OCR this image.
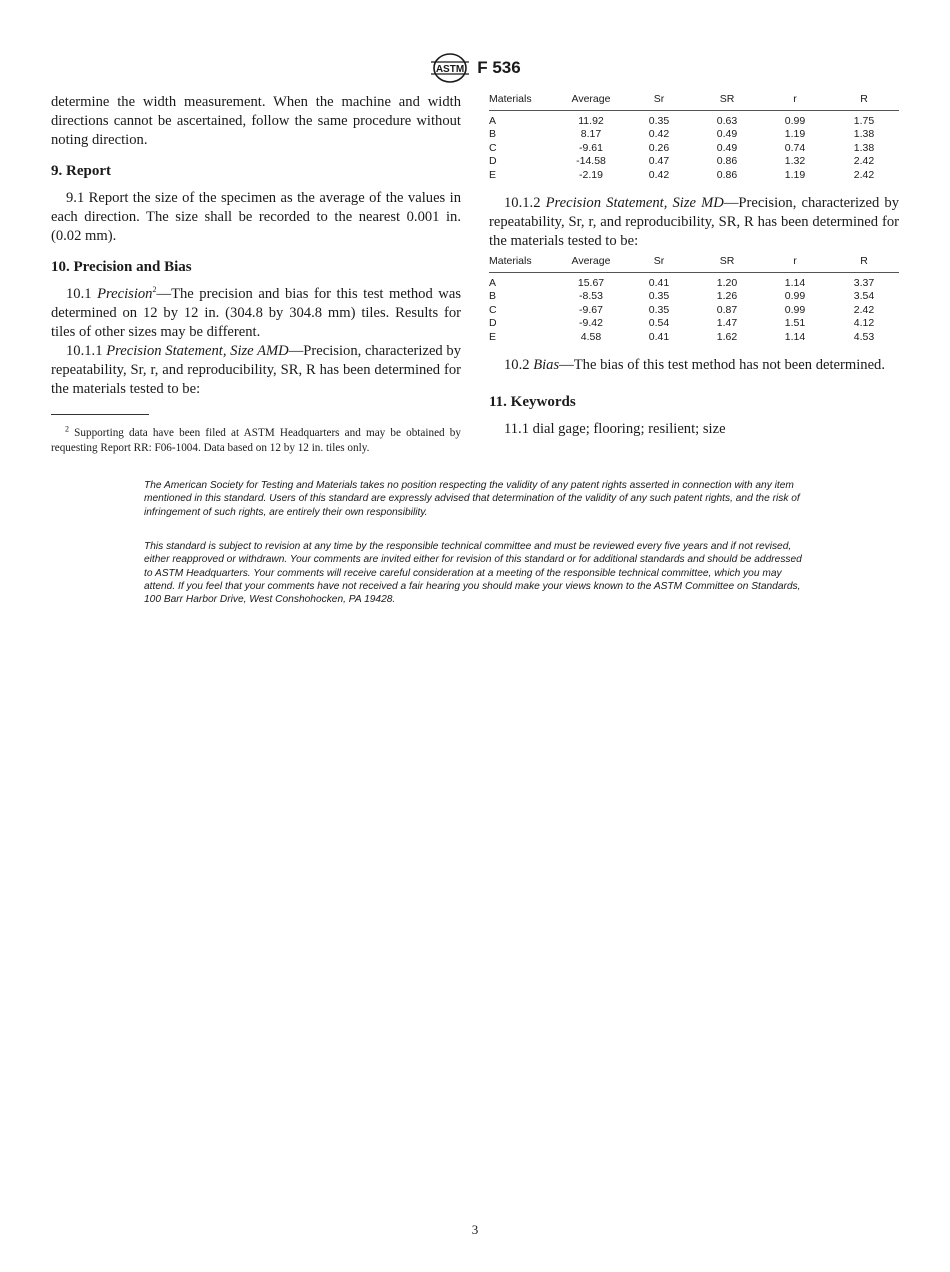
ASTM F 536

determine the width measurement. When the machine and width directions cannot be ascertained, follow the same procedure without noting direction.

9. Report

9.1 Report the size of the specimen as the average of the values in each direction. The size shall be recorded to the nearest 0.001 in. (0.02 mm).

10. Precision and Bias

10.1 Precision$^2$—The precision and bias for this test method was determined on 12 by 12 in. (304.8 by 304.8 mm) tiles. Results for tiles of other sizes may be different.

10.1.1 Precision Statement, Size AMD—Precision, characterized by repeatability, Sr, r, and reproducibility, SR, R has been determined for the materials tested to be:

$^2$ Supporting data have been filed at ASTM Headquarters and may be obtained by requesting Report RR: F06-1004. Data based on 12 by 12 in. tiles only.
Materials	Average	Sr	SR	r	R
A	11.92	0.35	0.63	0.99	1.75
B	8.17	0.42	0.49	1.19	1.38
C	-9.61	0.26	0.49	0.74	1.38
D	-14.58	0.47	0.86	1.32	2.42
E	-2.19	0.42	0.86	1.19	2.42

10.1.2 Precision Statement, Size MD—Precision, characterized by repeatability, Sr, r, and reproducibility, SR, R has been determined for the materials tested to be:

Materials	Average	Sr	SR	r	R
A	15.67	0.41	1.20	1.14	3.37
B	-8.53	0.35	1.26	0.99	3.54
C	-9.67	0.35	0.87	0.99	2.42
D	-9.42	0.54	1.47	1.51	4.12
E	4.58	0.41	1.62	1.14	4.53

10.2 Bias—The bias of this test method has not been determined.

11. Keywords

11.1 dial gage; flooring; resilient; size

The American Society for Testing and Materials takes no position respecting the validity of any patent rights asserted in connection with any item mentioned in this standard. Users of this standard are expressly advised that determination of the validity of any such patent rights, and the risk of infringement of such rights, are entirely their own responsibility.
This standard is subject to revision at any time by the responsible technical committee and must be reviewed every five years and if not revised, either reapproved or withdrawn. Your comments are invited either for revision of this standard or for additional standards and should be addressed to ASTM Headquarters. Your comments will receive careful consideration at a meeting of the responsible technical committee, which you may attend. If you feel that your comments have not received a fair hearing you should make your views known to the ASTM Committee on Standards, 100 Barr Harbor Drive, West Conshohocken, PA 19428.
3
